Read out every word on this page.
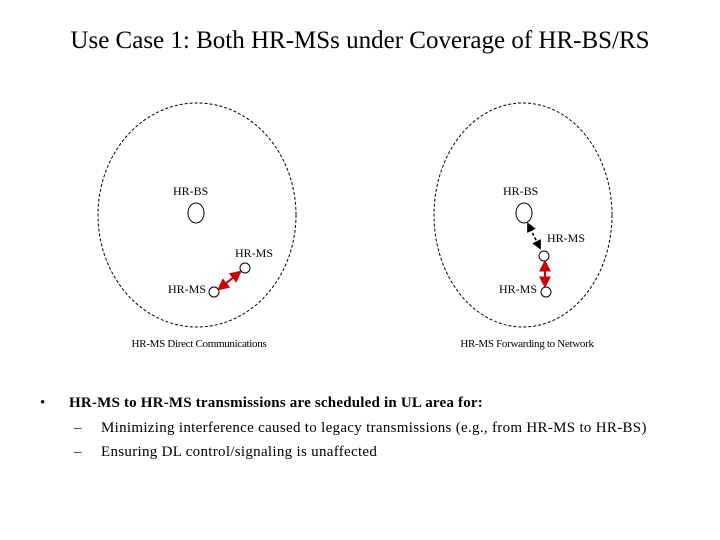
Use Case 1: Both HR-MSs under Coverage of HR-BS/RS
HR-BS
HR-MS
HR-MS
HR-MS Direct Communications
HR-BS
HR-MS
HR-MS
HR-MS Forwarding to Network
• HR-MS to HR-MS transmissions are scheduled in UL area for:
– Minimizing interference caused to legacy transmissions (e.g., from HR-MS to HR-BS)
– Ensuring DL control/signaling is unaffected
